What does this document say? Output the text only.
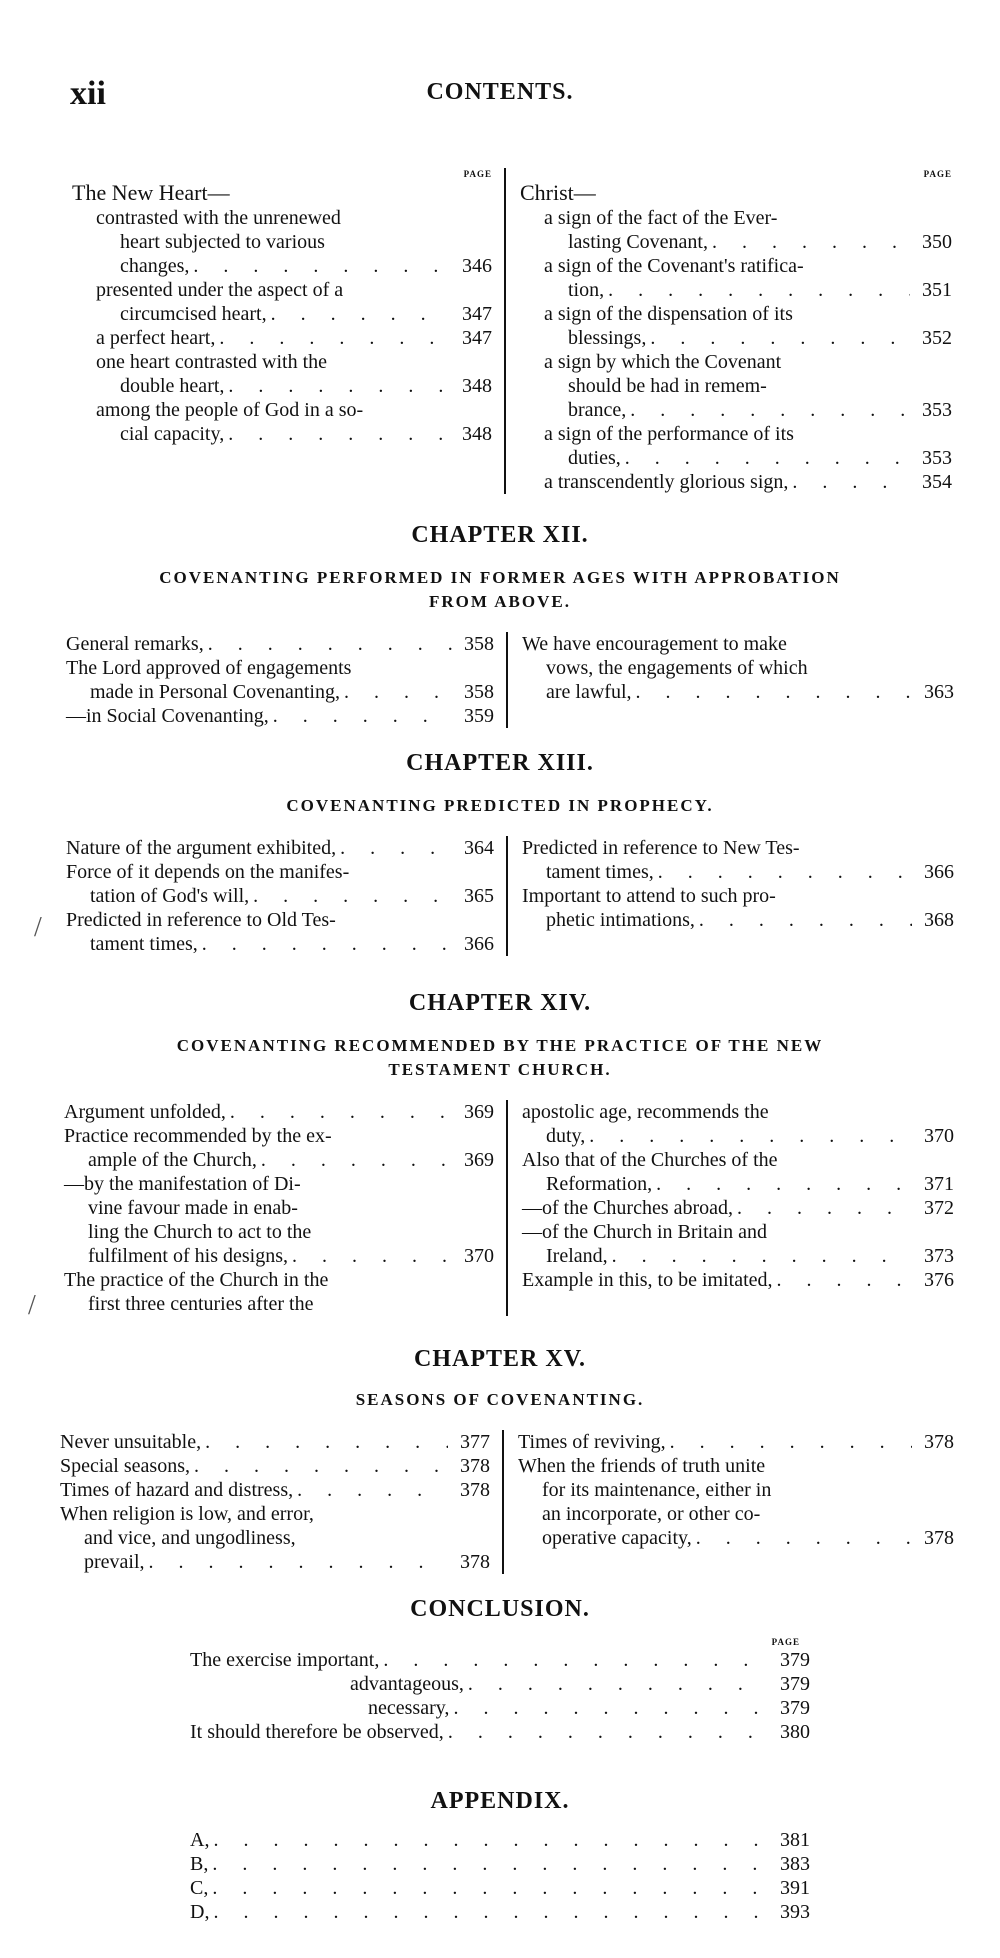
xii	CONTENTS.
PAGE
The New Heart—
contrasted with the unrenewed
heart subjected to various
changes, . . .	346
presented under the aspect of a
circumcised heart, . . .	347
a perfect heart, . . .	347
one heart contrasted with the
double heart, . . .	348
among the people of God in a so-
cial capacity, . . .	348
PAGE
Christ—
a sign of the fact of the Ever-
lasting Covenant, . . .	350
a sign of the Covenant's ratifica-
tion, . . .	351
a sign of the dispensation of its
blessings, . . .	352
a sign by which the Covenant
should be had in remem-
brance, . . .	353
a sign of the performance of its
duties, . . .	353
a transcendently glorious sign, . . .	354
CHAPTER XII.
COVENANTING PERFORMED IN FORMER AGES WITH APPROBATION
FROM ABOVE.
General remarks, . . .	358
The Lord approved of engagements
made in Personal Covenanting, . . .	358
—in Social Covenanting, . . .	359
We have encouragement to make
vows, the engagements of which
are lawful, . . .	363
CHAPTER XIII.
COVENANTING PREDICTED IN PROPHECY.
Nature of the argument exhibited, . . .	364
Force of it depends on the manifes-
tation of God's will, . . .	365
Predicted in reference to Old Tes-
tament times, . . .	366
Predicted in reference to New Tes-
tament times, . . .	366
Important to attend to such pro-
phetic intimations, . . .	368
CHAPTER XIV.
COVENANTING RECOMMENDED BY THE PRACTICE OF THE NEW
TESTAMENT CHURCH.
Argument unfolded, . . .	369
Practice recommended by the ex-
ample of the Church, . . .	369
—by the manifestation of Di-
vine favour made in enab-
ling the Church to act to the
fulfilment of his designs, . . .	370
The practice of the Church in the
first three centuries after the
apostolic age, recommends the
duty, . . .	370
Also that of the Churches of the
Reformation, . . .	371
—of the Churches abroad, . . .	372
—of the Church in Britain and
Ireland, . . .	373
Example in this, to be imitated, . . .	376
CHAPTER XV.
SEASONS OF COVENANTING.
Never unsuitable, . . .	377
Special seasons, . . .	378
Times of hazard and distress, . . .	378
When religion is low, and error,
and vice, and ungodliness,
prevail, . . .	378
Times of reviving, . . .	378
When the friends of truth unite
for its maintenance, either in
an incorporate, or other co-
operative capacity, . . .	378
CONCLUSION.
PAGE
The exercise important, . . .	379
advantageous, . . .	379
necessary, . . .	379
It should therefore be observed, . . .	380
APPENDIX.
A, . . .	381
B, . . .	383
C, . . .	391
D, . . .	393
/
/
